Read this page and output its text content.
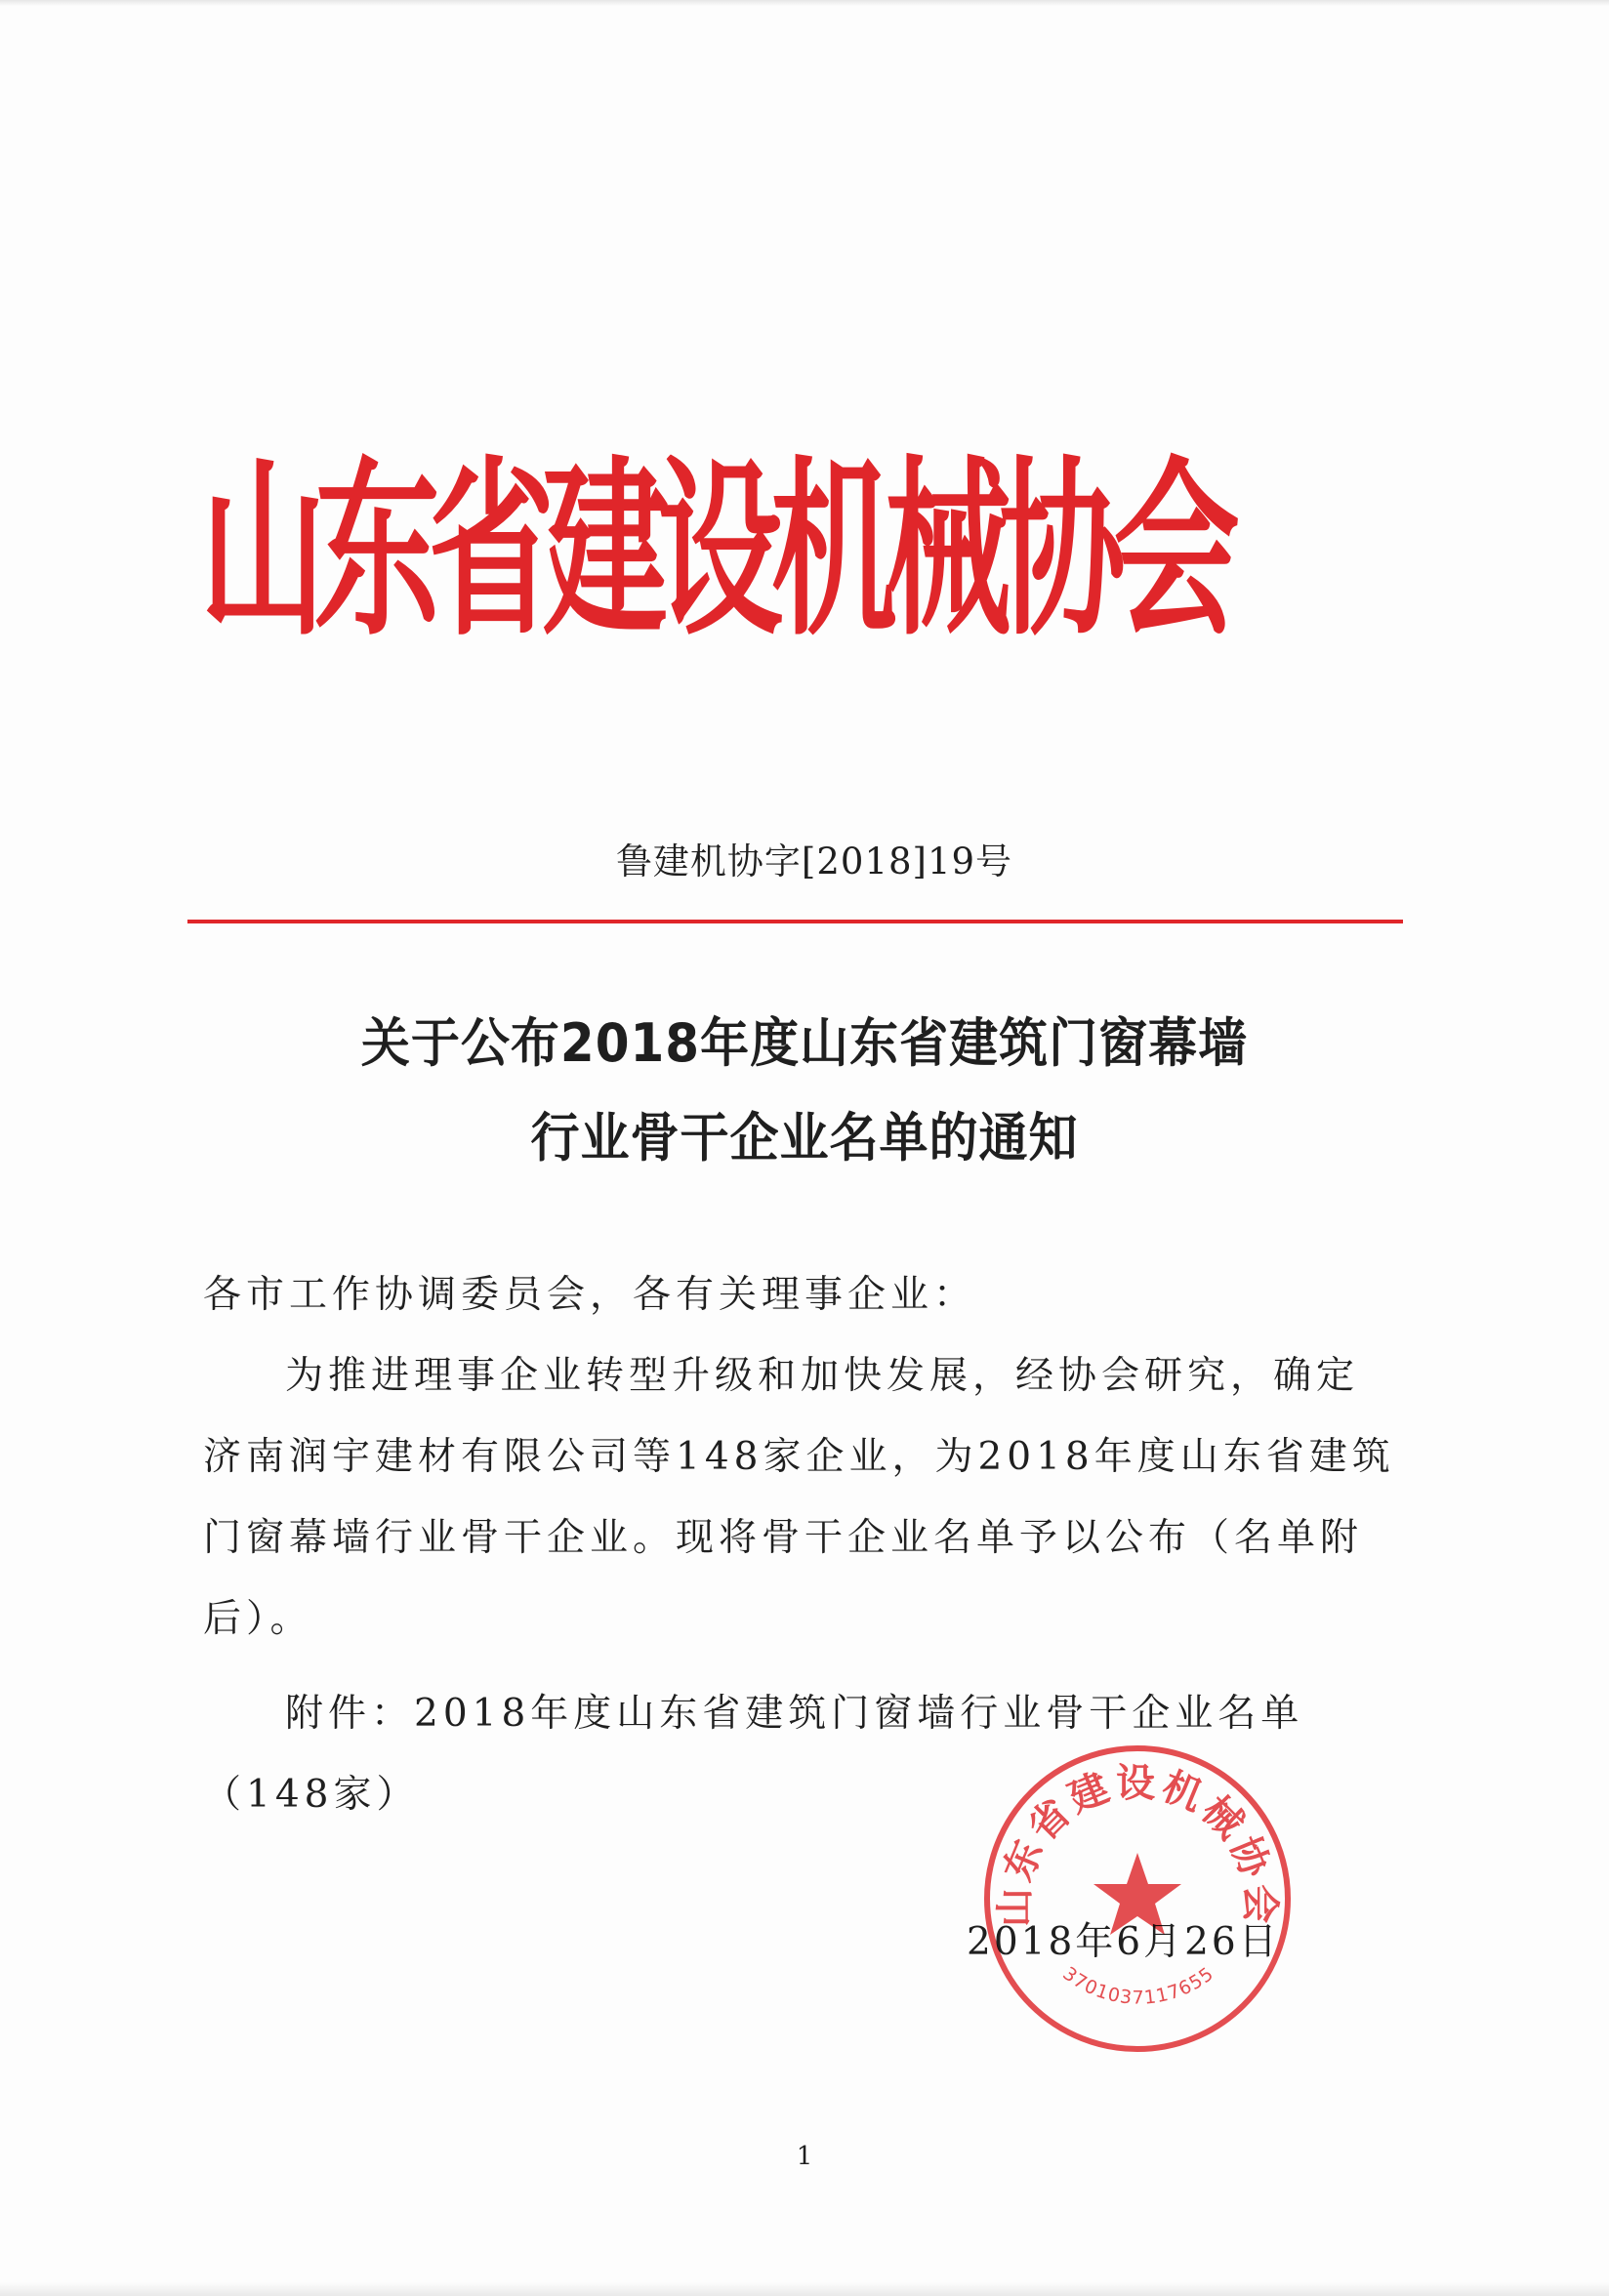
山东省建设机械协会
鲁建机协字[2018]19号
关于公布2018年度山东省建筑门窗幕墙
行业骨干企业名单的通知

各市工作协调委员会，各有关理事企业：

为推进理事企业转型升级和加快发展，经协会研究，确定济南润宇建材有限公司等148家企业，为2018年度山东省建筑门窗幕墙行业骨干企业。现将骨干企业名单予以公布（名单附后）。

附件：2018年度山东省建筑门窗墙行业骨干企业名单（148家）

2018年6月26日
山东省建设机械协会
3701037117655
1
